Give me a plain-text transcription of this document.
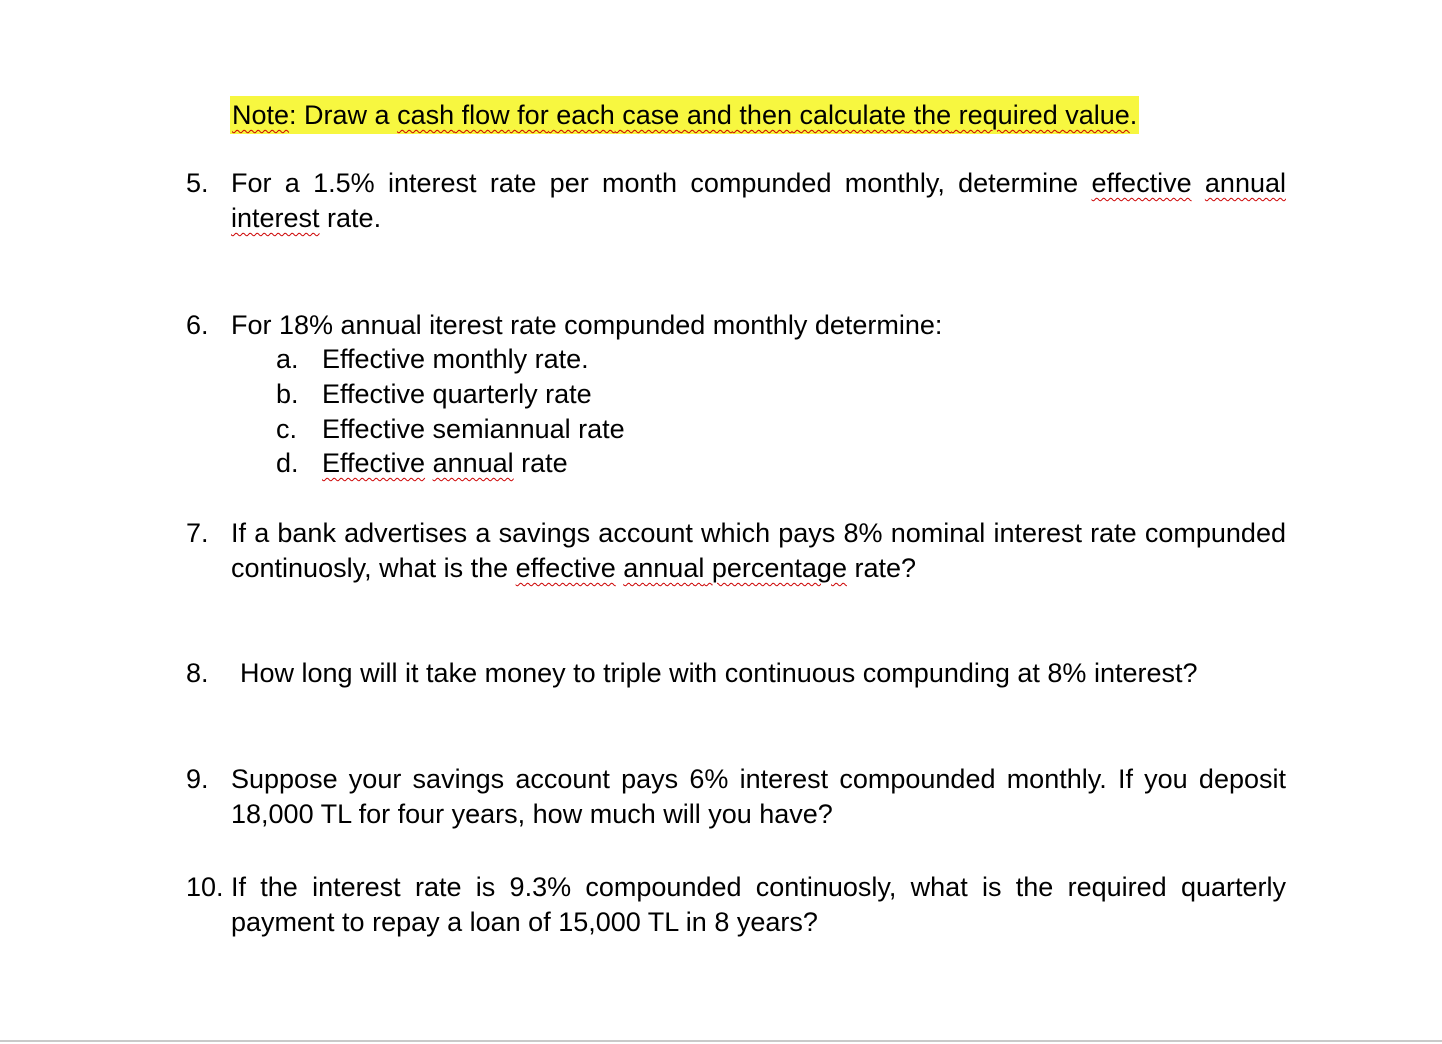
Note: Draw a cash flow for each case and then calculate the required value.
5. For a 1.5% interest rate per month compunded monthly, determine effective annual interest rate.
6. For 18% annual iterest rate compunded monthly determine:
a. Effective monthly rate.
b. Effective quarterly rate
c. Effective semiannual rate
d. Effective annual rate
7. If a bank advertises a savings account which pays 8% nominal interest rate compunded continuosly, what is the effective annual percentage rate?
8.	How long will it take money to triple with continuous compunding at 8% interest?
9. Suppose your savings account pays 6% interest compounded monthly. If you deposit 18,000 TL for four years, how much will you have?
10. If the interest rate is 9.3% compounded continuosly, what is the required quarterly payment to repay a loan of 15,000 TL in 8 years?
